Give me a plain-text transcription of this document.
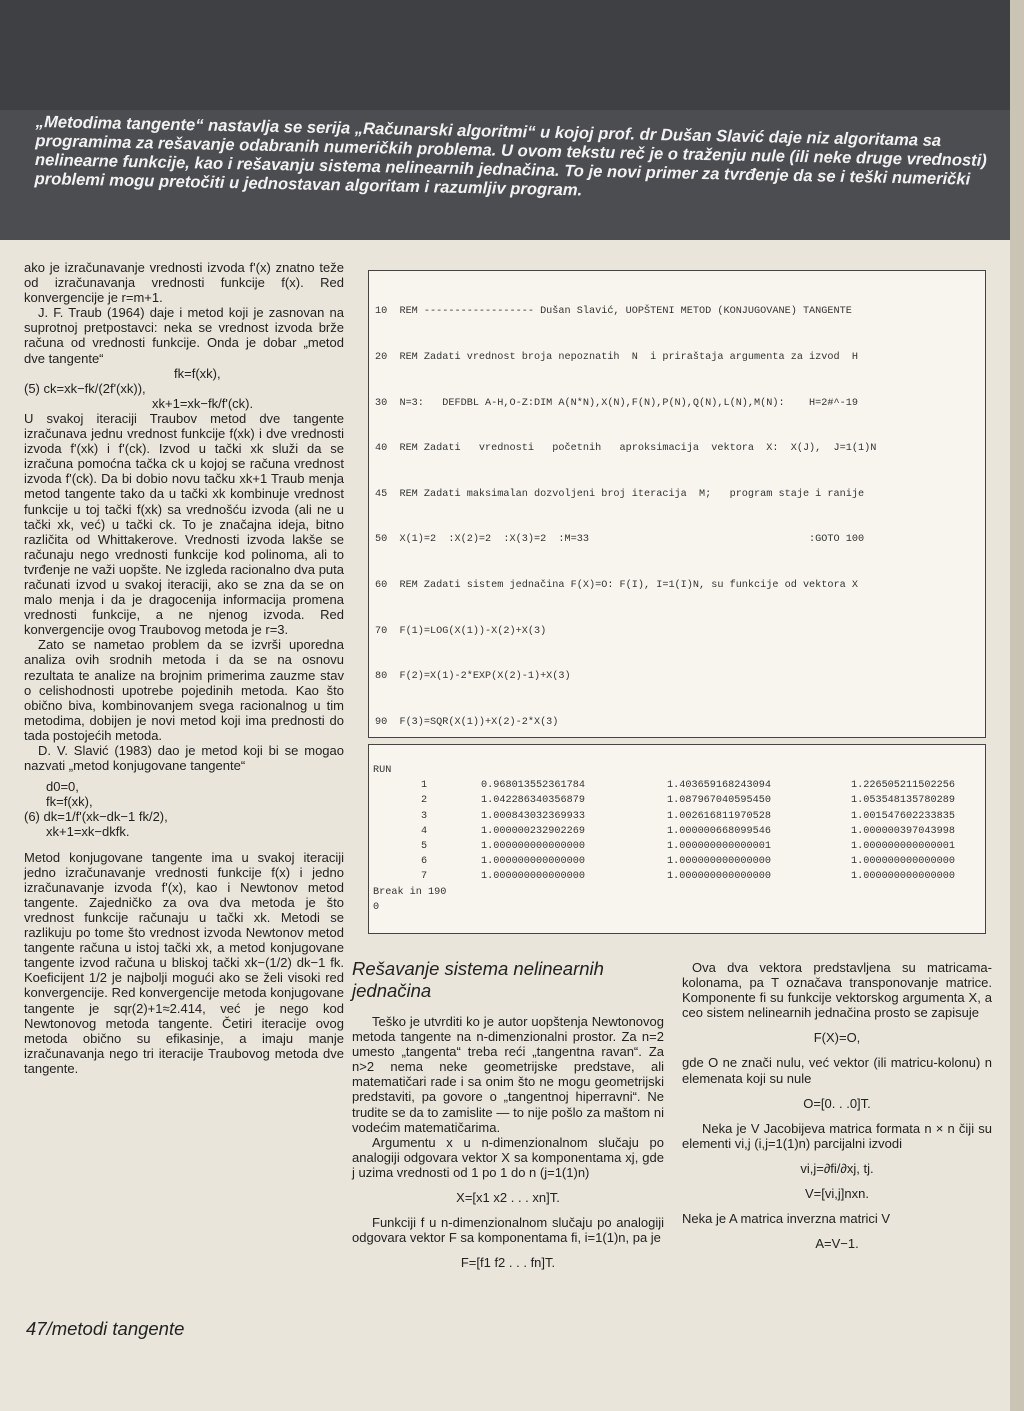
„Metodima tangente“ nastavlja se serija „Računarski algoritmi“ u kojoj prof. dr Dušan Slavić daje niz algoritama sa programima za rešavanje odabranih numeričkih problema. U ovom tekstu reč je o traženju nule (ili neke druge vrednosti) nelinearne funkcije, kao i rešavanju sistema nelinearnih jednačina. To je novi primer za tvrđenje da se i teški numerički problemi mogu pretočiti u jednostavan algoritam i razumljiv program.

ako je izračunavanje vrednosti izvoda f'(x) znatno teže od izračunavanja vrednosti funkcije f(x). Red konvergencije je r=m+1.

J. F. Traub (1964) daje i metod koji je zasnovan na suprotnoj pretpostavci: neka se vrednost izvoda brže računa od vrednosti funkcije. Onda je dobar „metod dve tangente“

fk=f(xk),

(5) ck=xk−fk/(2f'(xk)),

xk+1=xk−fk/f'(ck).

U svakoj iteraciji Traubov metod dve tangente izračunava jednu vrednost funkcije f(xk) i dve vrednosti izvoda f'(xk) i f'(ck). Izvod u tački xk služi da se izračuna pomoćna tačka ck u kojoj se računa vrednost izvoda f'(ck). Da bi dobio novu tačku xk+1 Traub menja metod tangente tako da u tački xk kombinuje vrednost funkcije u toj tački f(xk) sa vrednošću izvoda (ali ne u tački xk, već) u tački ck. To je značajna ideja, bitno različita od Whittakerove. Vrednosti izvoda lakše se računaju nego vrednosti funkcije kod polinoma, ali to tvrđenje ne važi uopšte. Ne izgleda racionalno dva puta računati izvod u svakoj iteraciji, ako se zna da se on malo menja i da je dragocenija informacija promena vrednosti funkcije, a ne njenog izvoda. Red konvergencije ovog Traubovog metoda je r=3.

Zato se nametao problem da se izvrši uporedna analiza ovih srodnih metoda i da se na osnovu rezultata te analize na brojnim primerima zauzme stav o celishodnosti upotrebe pojedinih metoda. Kao što obično biva, kombinovanjem svega racionalnog u tim metodima, dobijen je novi metod koji ima prednosti do tada postojećih metoda.

D. V. Slavić (1983) dao je metod koji bi se mogao nazvati „metod konjugovane tangente“

d0=0,

fk=f(xk),

(6) dk=1/f'(xk−dk−1 fk/2),

xk+1=xk−dkfk.

Metod konjugovane tangente ima u svakoj iteraciji jedno izračunavanje vrednosti funkcije f(x) i jedno izračunavanje izvoda f'(x), kao i Newtonov metod tangente. Zajedničko za ova dva metoda je što vrednost funkcije računaju u tački xk. Metodi se razlikuju po tome što vrednost izvoda Newtonov metod tangente računa u istoj tački xk, a metod konjugovane tangente izvod računa u bliskoj tački xk−(1/2) dk−1 fk. Koeficijent 1/2 je najbolji mogući ako se želi visoki red konvergencije. Red konvergencije metoda konjugovane tangente je sqr(2)+1≈2.414, već je nego kod Newtonovog metoda tangente. Četiri iteracije ovog metoda obično su efikasinje, a imaju manje izračunavanja nego tri iteracije Traubovog metoda dve tangente.

10  REM ------------------ Dušan Slavić, UOPŠTENI METOD (KONJUGOVANE) TANGENTE

20  REM Zadati vrednost broja nepoznatih  N  i priraštaja argumenta za izvod  H

30  N=3:   DEFDBL A-H,O-Z:DIM A(N*N),X(N),F(N),P(N),Q(N),L(N),M(N):    H=2#^-19

40  REM Zadati   vrednosti   početnih   aproksimacija  vektora  X:  X(J),  J=1(1)N

45  REM Zadati maksimalan dozvoljeni broj iteracija  M;   program staje i ranije

50  X(1)=2  :X(2)=2  :X(3)=2  :M=33                                    :GOTO 100

60  REM Zadati sistem jednačina F(X)=O: F(I), I=1(I)N, su funkcije od vektora X

70  F(1)=LOG(X(1))-X(2)+X(3)

80  F(2)=X(1)-2*EXP(X(2)-1)+X(3)

90  F(3)=SQR(X(1))+X(2)-2*X(3)

RUN
1	0.968013552361784	1.403659168243094	1.226505211502256
2	1.042286340356879	1.087967040595450	1.053548135780289
3	1.000843032369933	1.002616811970528	1.001547602233835
4	1.000000232902269	1.000000668099546	1.000000397043998
5	1.000000000000000	1.000000000000001	1.000000000000001
6	1.000000000000000	1.000000000000000	1.000000000000000
7	1.000000000000000	1.000000000000000	1.000000000000000
Break in 190
0
Rešavanje sistema nelinearnih jednačina

Teško je utvrditi ko je autor uopštenja Newtonovog metoda tangente na n-dimenzionalni prostor. Za n=2 umesto „tangenta“ treba reći „tangentna ravan“. Za n>2 nema neke geometrijske predstave, ali matematičari rade i sa onim što ne mogu geometrijski predstaviti, pa govore o „tangentnoj hiperravni“. Ne trudite se da to zamislite — to nije pošlo za maštom ni vodećim matematičarima.

Argumentu x u n-dimenzionalnom slučaju po analogiji odgovara vektor X sa komponentama xj, gde j uzima vrednosti od 1 po 1 do n (j=1(1)n)

X=[x1 x2 . . . xn]T.

Funkciji f u n-dimenzionalnom slučaju po analogiji odgovara vektor F sa komponentama fi, i=1(1)n, pa je

F=[f1 f2 . . . fn]T.

Ova dva vektora predstavljena su matricama-kolonama, pa T označava transponovanje matrice. Komponente fi su funkcije vektorskog argumenta X, a ceo sistem nelinearnih jednačina prosto se zapisuje

F(X)=O,

gde O ne znači nulu, već vektor (ili matricu-kolonu) n elemenata koji su nule

O=[0. . .0]T.

Neka je V Jacobijeva matrica formata n × n čiji su elementi vi,j (i,j=1(1)n) parcijalni izvodi

vi,j=∂fi/∂xj, tj.

V=[vi,j]nxn.

Neka je A matrica inverzna matrici V

A=V−1.

47/metodi tangente
